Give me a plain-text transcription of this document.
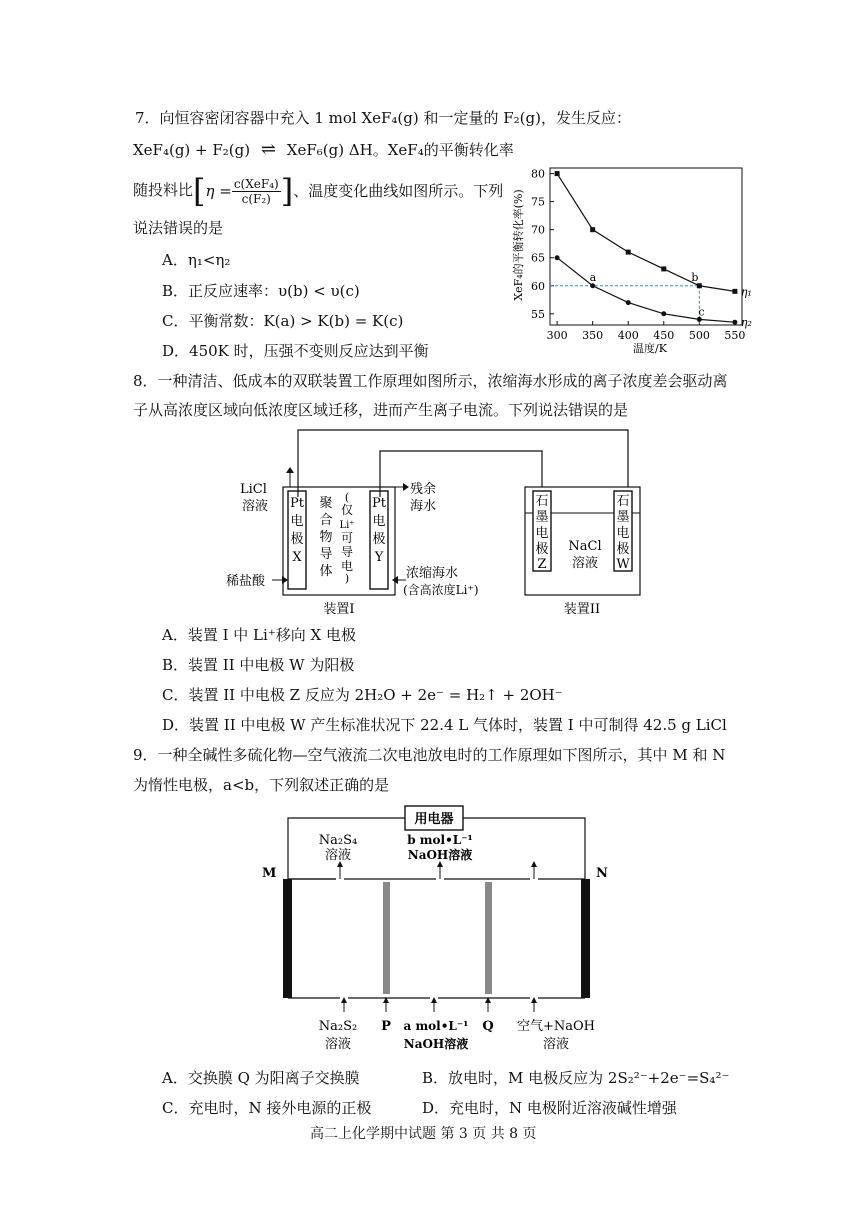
7．向恒容密闭容器中充入 1 mol XeF₄(g) 和一定量的 F₂(g)，发生反应：
XeF₄(g) + F₂(g) ⇌ XeF₆(g) ΔH。XeF₄的平衡转化率
随投料比[$\eta = \frac{\text{c(XeF₄)}}{\text{c(F₂)}}$ ]、温度变化曲线如图所示。下列
说法错误的是
A．η₁<η₂
B．正反应速率：υ(b) < υ(c)
C．平衡常数：K(a) > K(b) = K(c)
D．450K 时，压强不变则反应达到平衡
300 350 400 450 500 550
55
60
65
70
75
80
η₁
η₂
a	b
c
XeF₄的平衡转化率(%)
温度/K
8．一种清洁、低成本的双联装置工作原理如图所示，浓缩海水形成的离子浓度差会驱动离
子从高浓度区域向低浓度区域迁移，进而产生离子电流。下列说法错误的是
Pt
电
极
X
聚
合
物
导
体
(
仅
Li⁺
可
导
电
)
Pt
电
极
Y
LiCl
溶液
稀盐酸
残余
海水
浓缩海水
(含高浓度Li⁺)
装置I
石
墨
电
极
Z
石
墨
电
极
W
NaCl
溶液
装置II
A．装置 I 中 Li⁺移向 X 电极
B．装置 II 中电极 W 为阳极
C．装置 II 中电极 Z 反应为 2H₂O + 2e⁻ = H₂↑ + 2OH⁻
D．装置 II 中电极 W 产生标准状况下 22.4 L 气体时，装置 I 中可制得 42.5 g LiCl
9．一种全碱性多硫化物—空气液流二次电池放电时的工作原理如下图所示，其中 M 和 N
为惰性电极，a<b，下列叙述正确的是
用电器
M	N
Na₂S₄
溶液
b mol•L⁻¹
NaOH溶液
Na₂S₂
溶液
P a mol•L⁻¹
NaOH溶液
Q 空气+NaOH
溶液
A．交换膜 Q 为阳离子交换膜	B．放电时，M 电极反应为 2S₂²⁻+2e⁻=S₄²⁻
C．充电时，N 接外电源的正极	D．充电时，N 电极附近溶液碱性增强
高二上化学期中试题 第 3 页 共 8 页
